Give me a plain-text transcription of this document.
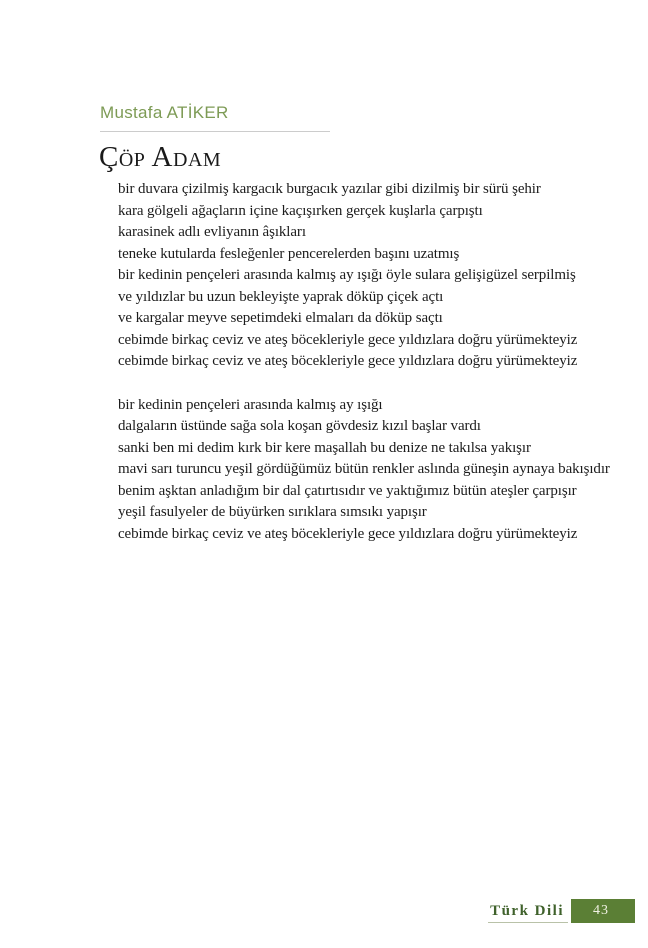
Mustafa ATİKER
Çöp Adam
bir duvara çizilmiş kargacık burgacık yazılar gibi dizilmiş bir sürü şehir
kara gölgeli ağaçların içine kaçışırken gerçek kuşlarla çarpıştı
karasinek adlı evliyanın âşıkları
teneke kutularda fesleğenler pencerelerden başını uzatmış
bir kedinin pençeleri arasında kalmış ay ışığı öyle sulara gelişigüzel serpilmiş
ve yıldızlar bu uzun bekleyişte yaprak döküp çiçek açtı
ve kargalar meyve sepetimdeki elmaları da döküp saçtı
cebimde birkaç ceviz ve ateş böcekleriyle gece yıldızlara doğru yürümekteyiz
cebimde birkaç ceviz ve ateş böcekleriyle gece yıldızlara doğru yürümekteyiz
bir kedinin pençeleri arasında kalmış ay ışığı
dalgaların üstünde sağa sola koşan gövdesiz kızıl başlar vardı
sanki ben mi dedim kırk bir kere maşallah bu denize ne takılsa yakışır
mavi sarı turuncu yeşil gördüğümüz bütün renkler aslında güneşin aynaya bakışıdır
benim aşktan anladığım bir dal çatırtısıdır ve yaktığımız bütün ateşler çarpışır
yeşil fasulyeler de büyürken sırıklara sımsıkı yapışır
cebimde birkaç ceviz ve ateş böcekleriyle gece yıldızlara doğru yürümekteyiz
Türk Dili 43
